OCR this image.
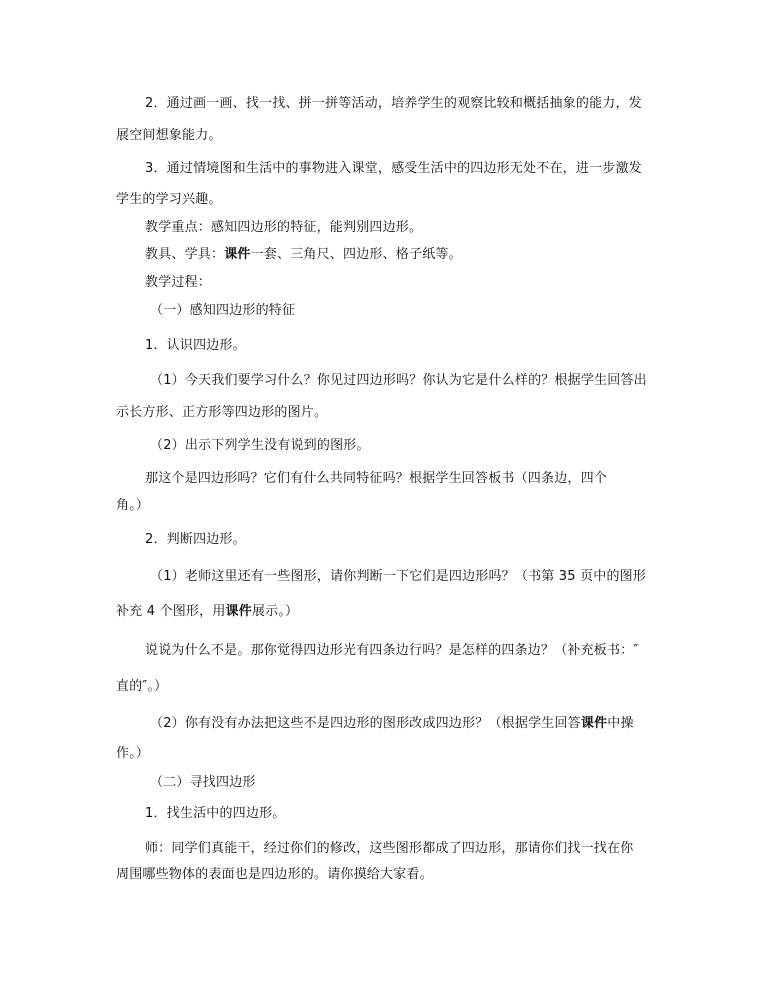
2．通过画一画、找一找、拼一拼等活动，培养学生的观察比较和概括抽象的能力，发
展空间想象能力。
3．通过情境图和生活中的事物进入课堂，感受生活中的四边形无处不在，进一步激发
学生的学习兴趣。
教学重点：感知四边形的特征，能判别四边形。
教具、学具：课件一套、三角尺、四边形、格子纸等。
教学过程：
（一）感知四边形的特征
1．认识四边形。
（1）今天我们要学习什么？你见过四边形吗？你认为它是什么样的？根据学生回答出
示长方形、正方形等四边形的图片。
（2）出示下列学生没有说到的图形。
那这个是四边形吗？它们有什么共同特征吗？根据学生回答板书（四条边，四个
角。）
2．判断四边形。
（1）老师这里还有一些图形，请你判断一下它们是四边形吗？（书第 35 页中的图形
补充 4 个图形，用课件展示。）
说说为什么不是。那你觉得四边形光有四条边行吗？是怎样的四条边？（补充板书：″
直的″。）
（2）你有没有办法把这些不是四边形的图形改成四边形？（根据学生回答课件中操
作。）
（二）寻找四边形
1．找生活中的四边形。
师：同学们真能干，经过你们的修改，这些图形都成了四边形，那请你们找一找在你
周围哪些物体的表面也是四边形的。请你摸给大家看。
